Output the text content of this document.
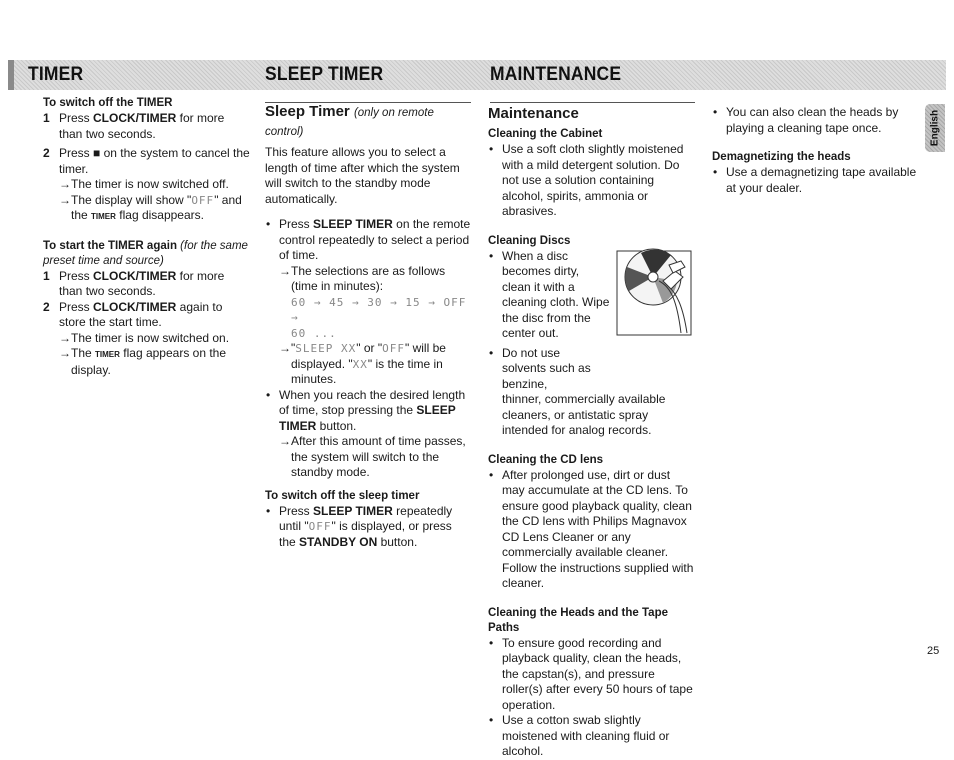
TIMER	SLEEP TIMER	MAINTENANCE
To switch off the TIMER
1 Press CLOCK/TIMER for more than two seconds.
2 Press ■ on the system to cancel the timer.
→ The timer is now switched off.
→ The display will show "OFF" and the TIMER flag disappears.
To start the TIMER again (for the same preset time and source)
1 Press CLOCK/TIMER for more than two seconds.
2 Press CLOCK/TIMER again to store the start time.
→ The timer is now switched on.
→ The TIMER flag appears on the display.
Sleep Timer (only on remote control)

This feature allows you to select a length of time after which the system will switch to the standby mode automatically.

• Press SLEEP TIMER on the remote control repeatedly to select a period of time.
→ The selections are as follows (time in minutes):
60 → 45 → 30 → 15 → OFF →
60 ...
→ "SLEEP XX" or "OFF" will be displayed. "XX" is the time in minutes.
• When you reach the desired length of time, stop pressing the SLEEP TIMER button.
→ After this amount of time passes, the system will switch to the standby mode.
To switch off the sleep timer
• Press SLEEP TIMER repeatedly until "OFF" is displayed, or press the STANDBY ON button.
Maintenance
Cleaning the Cabinet
• Use a soft cloth slightly moistened with a mild detergent solution. Do not use a solution containing alcohol, spirits, ammonia or abrasives.
Cleaning Discs
• When a disc becomes dirty, clean it with a cleaning cloth. Wipe the disc from the center out.
• Do not use solvents such as benzine,
thinner, commercially available cleaners, or antistatic spray intended for analog records.
Cleaning the CD lens
• After prolonged use, dirt or dust may accumulate at the CD lens. To ensure good playback quality, clean the CD lens with Philips Magnavox CD Lens Cleaner or any commercially available cleaner. Follow the instructions supplied with cleaner.
Cleaning the Heads and the Tape Paths
• To ensure good recording and playback quality, clean the heads, the capstan(s), and pressure roller(s) after every 50 hours of tape operation.
• Use a cotton swab slightly moistened with cleaning fluid or alcohol.
• You can also clean the heads by playing a cleaning tape once.
Demagnetizing the heads
• Use a demagnetizing tape available at your dealer.
English
25
